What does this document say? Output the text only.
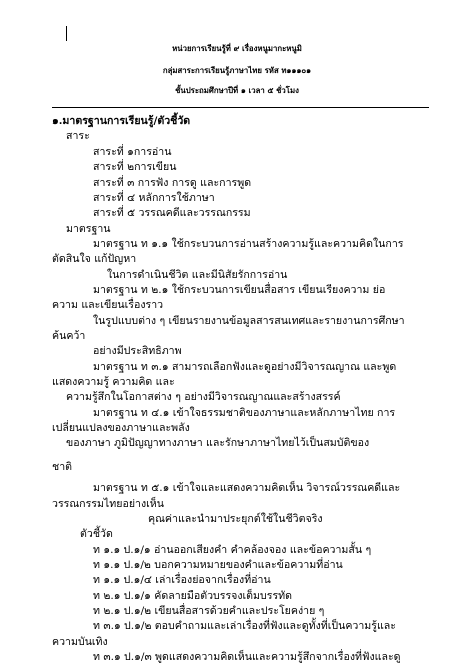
หน่วยการเรียนรู้ที่ ๙ เรื่องหนูมากะหนูมิ
กลุ่มสาระการเรียนรู้ภาษาไทย รหัส ท๑๑๑๐๑
ชั้นประถมศึกษาปีที่ ๑ เวลา ๕ ชั่วโมง
๑.มาตรฐานการเรียนรู้/ตัวชี้วัด
สาระ
สาระที่ ๑การอ่าน
สาระที่ ๒การเขียน
สาระที่ ๓ การฟัง การดู และการพูด
สาระที่ ๔ หลักการใช้ภาษา
สาระที่ ๕ วรรณคดีและวรรณกรรม
มาตรฐาน
มาตรฐาน ท ๑.๑ ใช้กระบวนการอ่านสร้างความรู้และความคิดในการ
ตัดสินใจ แก้ปัญหา
ในการดำเนินชีวิต และมีนิสัยรักการอ่าน
มาตรฐาน ท ๒.๑ ใช้กระบวนการเขียนสื่อสาร เขียนเรียงความ ย่อ
ความ และเขียนเรื่องราว
ในรูปแบบต่าง ๆ เขียนรายงานข้อมูลสารสนเทศและรายงานการศึกษา
ค้นคว้า
อย่างมีประสิทธิภาพ
มาตรฐาน ท ๓.๑ สามารถเลือกฟังและดูอย่างมีวิจารณญาณ และพูด
แสดงความรู้ ความคิด และ
ความรู้สึกในโอกาสต่าง ๆ อย่างมีวิจารณญาณและสร้างสรรค์
มาตรฐาน ท ๔.๑ เข้าใจธรรมชาติของภาษาและหลักภาษาไทย การ
เปลี่ยนแปลงของภาษาและพลัง
ของภาษา ภูมิปัญญาทางภาษา และรักษาภาษาไทยไว้เป็นสมบัติของ
ชาติ
มาตรฐาน ท ๕.๑ เข้าใจและแสดงความคิดเห็น วิจารณ์วรรณคดีและ
วรรณกรรมไทยอย่างเห็น
คุณค่าและนำมาประยุกต์ใช้ในชีวิตจริง
ตัวชี้วัด
ท ๑.๑ ป.๑/๑ อ่านออกเสียงคำ คำคล้องจอง และข้อความสั้น ๆ
ท ๑.๑ ป.๑/๒ บอกความหมายของคำและข้อความที่อ่าน
ท ๑.๑ ป.๑/๔ เล่าเรื่องย่อจากเรื่องที่อ่าน
ท ๒.๑ ป.๑/๑ คัดลายมือตัวบรรจงเต็มบรรทัด
ท ๒.๑ ป.๑/๒ เขียนสื่อสารด้วยคำและประโยคง่าย ๆ
ท ๓.๑ ป.๑/๒ ตอบคำถามและเล่าเรื่องที่ฟังและดูทั้งที่เป็นความรู้และ
ความบันเทิง
ท ๓.๑ ป.๑/๓ พูดแสดงความคิดเห็นและความรู้สึกจากเรื่องที่ฟังและดู
